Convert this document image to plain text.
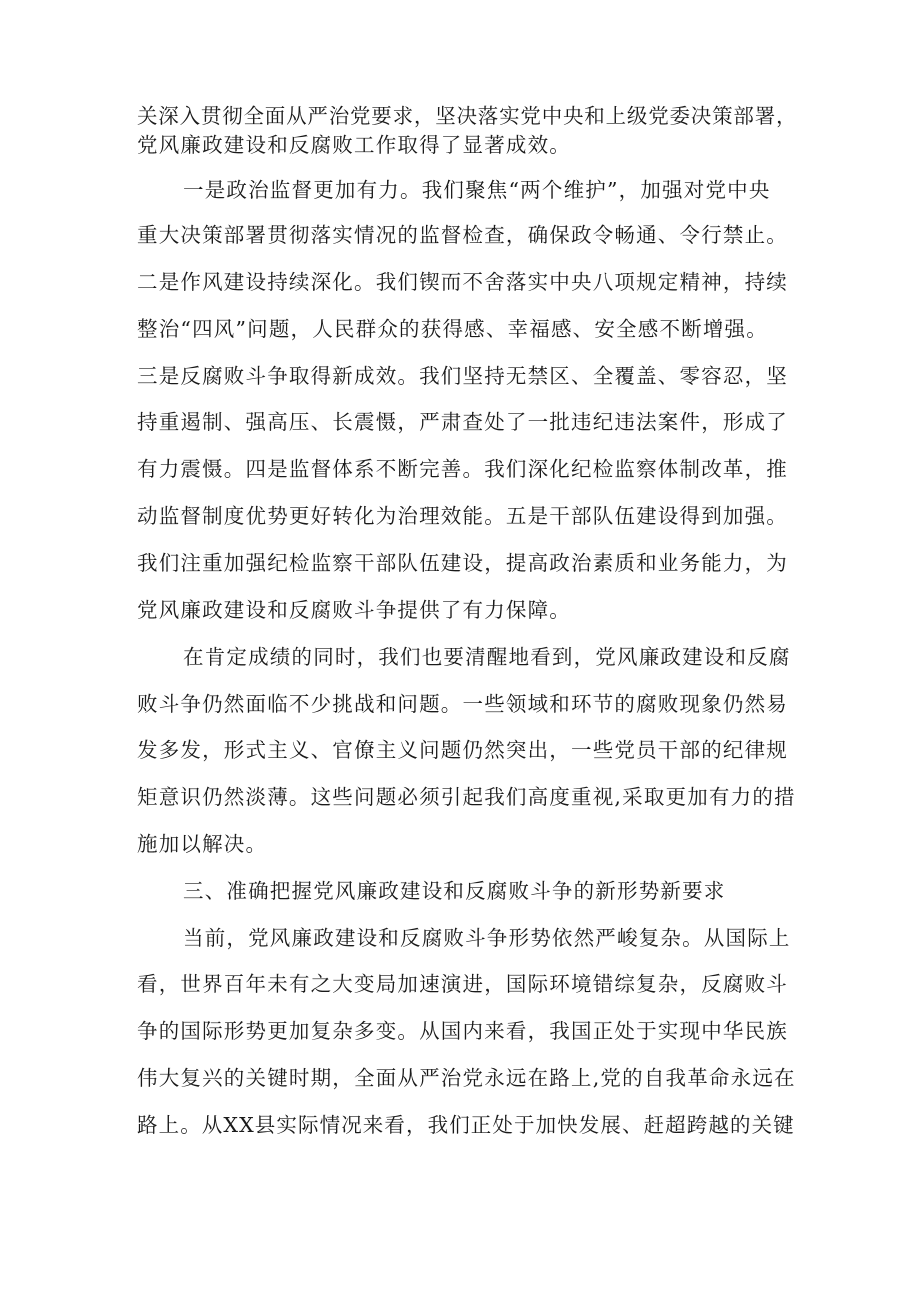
关深入贯彻全面从严治党要求，坚决落实党中央和上级党委决策部署，
党风廉政建设和反腐败工作取得了显著成效。
一是政治监督更加有力。我们聚焦“两个维护”，加强对党中央
重大决策部署贯彻落实情况的监督检查，确保政令畅通、令行禁止。
二是作风建设持续深化。我们锲而不舍落实中央八项规定精神，持续
整治“四风”问题，人民群众的获得感、幸福感、安全感不断增强。
三是反腐败斗争取得新成效。我们坚持无禁区、全覆盖、零容忍，坚
持重遏制、强高压、长震慑，严肃查处了一批违纪违法案件，形成了
有力震慑。四是监督体系不断完善。我们深化纪检监察体制改革，推
动监督制度优势更好转化为治理效能。五是干部队伍建设得到加强。
我们注重加强纪检监察干部队伍建设，提高政治素质和业务能力，为
党风廉政建设和反腐败斗争提供了有力保障。
在肯定成绩的同时，我们也要清醒地看到，党风廉政建设和反腐
败斗争仍然面临不少挑战和问题。一些领域和环节的腐败现象仍然易
发多发，形式主义、官僚主义问题仍然突出，一些党员干部的纪律规
矩意识仍然淡薄。这些问题必须引起我们高度重视,采取更加有力的措
施加以解决。
三、准确把握党风廉政建设和反腐败斗争的新形势新要求
当前，党风廉政建设和反腐败斗争形势依然严峻复杂。从国际上
看，世界百年未有之大变局加速演进，国际环境错综复杂，反腐败斗
争的国际形势更加复杂多变。从国内来看，我国正处于实现中华民族
伟大复兴的关键时期，全面从严治党永远在路上,党的自我革命永远在
路上。从XX县实际情况来看，我们正处于加快发展、赶超跨越的关键
